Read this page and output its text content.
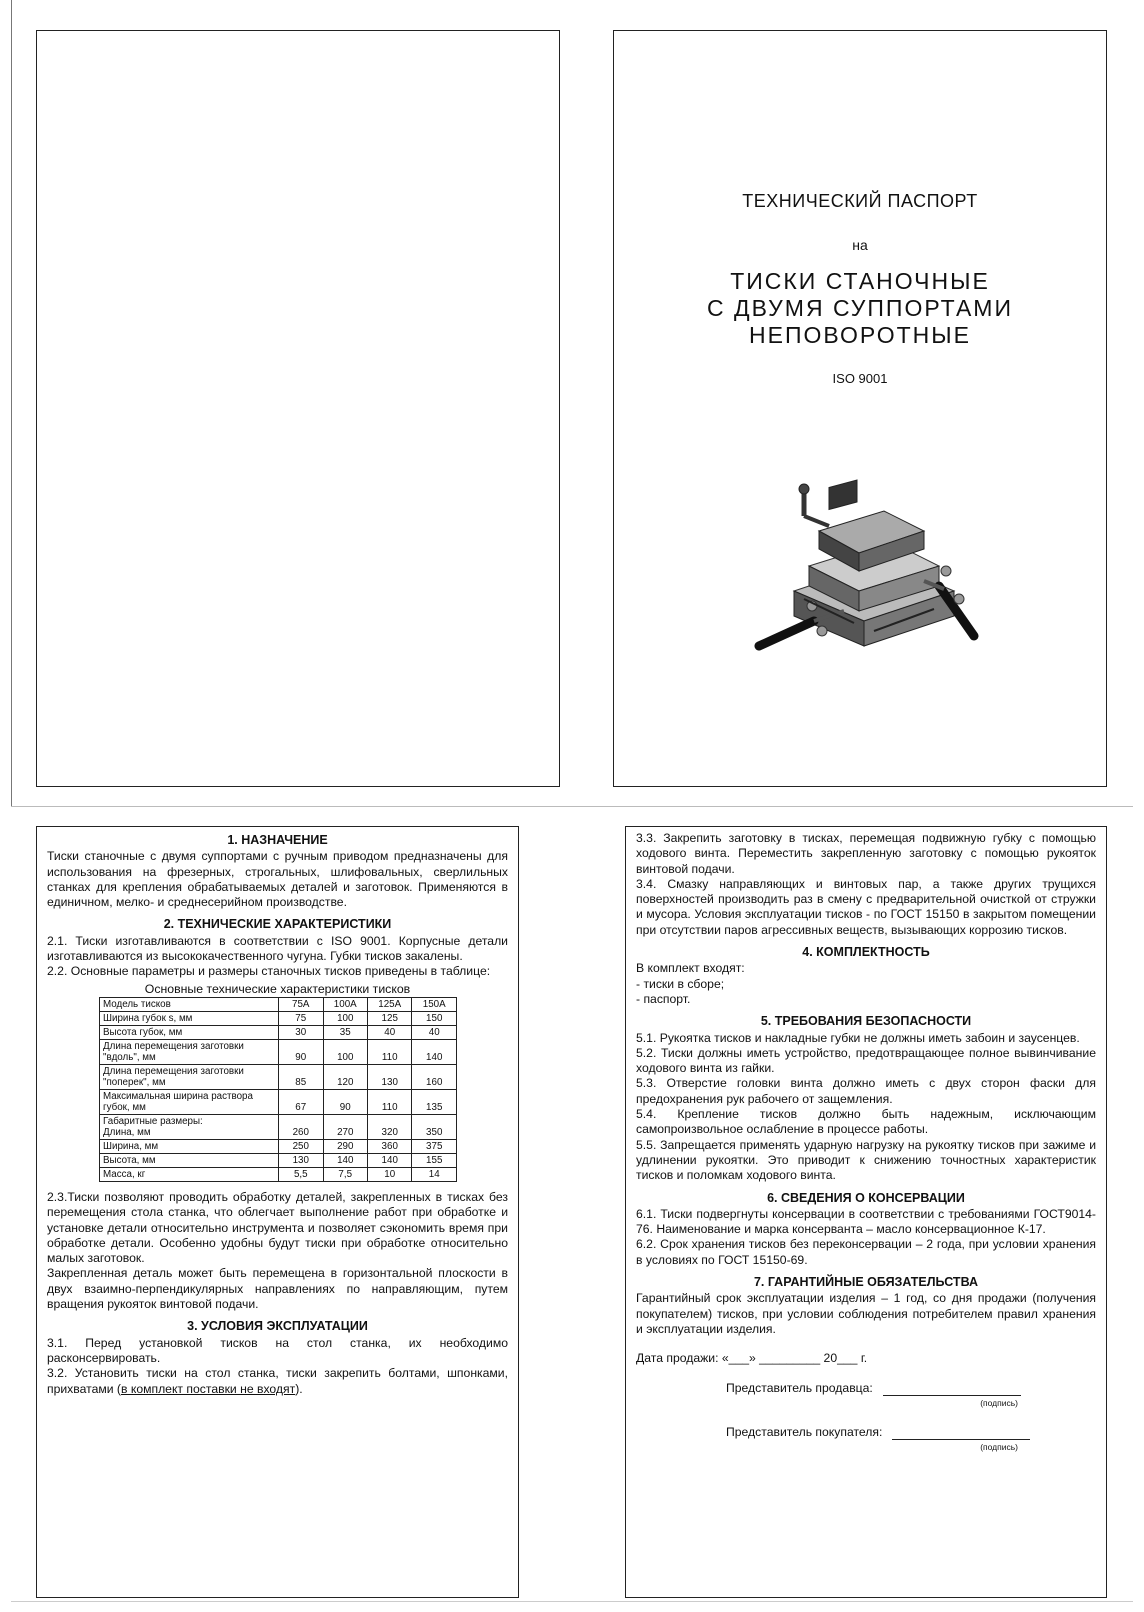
ТЕХНИЧЕСКИЙ ПАСПОРТ
на
ТИСКИ СТАНОЧНЫЕ
С ДВУМЯ СУППОРТАМИ
НЕПОВОРОТНЫЕ
ISO 9001
1. НАЗНАЧЕНИЕ

Тиски станочные с двумя суппортами с ручным приводом предназначены для использования на фрезерных, строгальных, шлифовальных, сверлильных станках для крепления обрабатываемых деталей и заготовок. Применяются в единичном, мелко- и среднесерийном производстве.

2. ТЕХНИЧЕСКИЕ ХАРАКТЕРИСТИКИ

2.1. Тиски изготавливаются в соответствии с ISO 9001. Корпусные детали изготавливаются из высококачественного чугуна. Губки тисков закалены.

2.2. Основные параметры и размеры станочных тисков приведены в таблице:

Основные технические характеристики тисков
Модель тисков	75А	100А	125А	150А
Ширина губок s, мм	75	100	125	150
Высота губок, мм	30	35	40	40
Длина перемещения заготовки "вдоль", мм	90	100	110	140
Длина перемещения заготовки "поперек", мм	85	120	130	160
Максимальная ширина раствора губок, мм	67	90	110	135
Габаритные размеры:
Длина, мм	260	270	320	350
Ширина, мм	250	290	360	375
Высота, мм	130	140	140	155
Масса, кг	5,5	7,5	10	14

2.3.Тиски позволяют проводить обработку деталей, закрепленных в тисках без перемещения стола станка, что облегчает выполнение работ при обработке и установке детали относительно инструмента и позволяет сэкономить время при обработке детали. Особенно удобны будут тиски при обработке относительно малых заготовок.

Закрепленная деталь может быть перемещена в горизонтальной плоскости в двух взаимно-перпендикулярных направлениях по направляющим, путем вращения рукояток винтовой подачи.

3. УСЛОВИЯ ЭКСПЛУАТАЦИИ

3.1. Перед установкой тисков на стол станка, их необходимо расконсервировать.

3.2. Установить тиски на стол станка, тиски закрепить болтами, шпонками, прихватами (в комплект поставки не входят).

3.3. Закрепить заготовку в тисках, перемещая подвижную губку с помощью ходового винта. Переместить закрепленную заготовку с помощью рукояток винтовой подачи.

3.4. Смазку направляющих и винтовых пар, а также других трущихся поверхностей производить раз в смену с предварительной очисткой от стружки и мусора. Условия эксплуатации тисков - по ГОСТ 15150 в закрытом помещении при отсутствии паров агрессивных веществ, вызывающих коррозию тисков.

4. КОМПЛЕКТНОСТЬ

В комплект входят:

- тиски в сборе;

- паспорт.

5. ТРЕБОВАНИЯ БЕЗОПАСНОСТИ

5.1. Рукоятка тисков и накладные губки не должны иметь забоин и заусенцев.

5.2. Тиски должны иметь устройство, предотвращающее полное вывинчивание ходового винта из гайки.

5.3. Отверстие головки винта должно иметь с двух сторон фаски для предохранения рук рабочего от защемления.

5.4. Крепление тисков должно быть надежным, исключающим самопроизвольное ослабление в процессе работы.

5.5. Запрещается применять ударную нагрузку на рукоятку тисков при зажиме и удлинении рукоятки. Это приводит к снижению точностных характеристик тисков и поломкам ходового винта.

6. СВЕДЕНИЯ О КОНСЕРВАЦИИ

6.1. Тиски подвергнуты консервации в соответствии с требованиями ГОСТ9014-76. Наименование и марка консерванта – масло консервационное К-17.

6.2. Срок хранения тисков без переконсервации – 2 года, при условии хранения в условиях по ГОСТ 15150-69.

7. ГАРАНТИЙНЫЕ ОБЯЗАТЕЛЬСТВА

Гарантийный срок эксплуатации изделия – 1 год, со дня продажи (получения покупателем) тисков, при условии соблюдения потребителем правил хранения и эксплуатации изделия.

Дата продажи: «___» _________ 20___ г.

Представитель продавца:
(подпись)
Представитель покупателя:
(подпись)
